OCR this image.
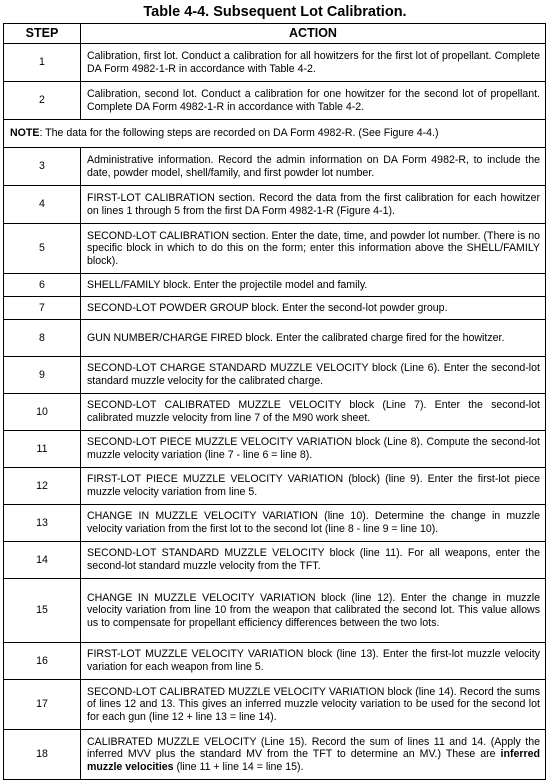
Table 4-4. Subsequent Lot Calibration.
STEP	ACTION
1	Calibration, first lot. Conduct a calibration for all howitzers for the first lot of propellant. Complete DA Form 4982-1-R in accordance with Table 4-2.
2	Calibration, second lot. Conduct a calibration for one howitzer for the second lot of propellant. Complete DA Form 4982-1-R in accordance with Table 4-2.
NOTE: The data for the following steps are recorded on DA Form 4982-R. (See Figure 4-4.)	
3	Administrative information. Record the admin information on DA Form 4982-R, to include the date, powder model, shell/family, and first powder lot number.
4	FIRST-LOT CALIBRATION section. Record the data from the first calibration for each howitzer on lines 1 through 5 from the first DA Form 4982-1-R (Figure 4-1).
5	SECOND-LOT CALIBRATION section. Enter the date, time, and powder lot number. (There is no specific block in which to do this on the form; enter this information above the SHELL/FAMILY block).
6	SHELL/FAMILY block. Enter the projectile model and family.
7	SECOND-LOT POWDER GROUP block. Enter the second-lot powder group.
8	GUN NUMBER/CHARGE FIRED block. Enter the calibrated charge fired for the howitzer.
9	SECOND-LOT CHARGE STANDARD MUZZLE VELOCITY block (Line 6). Enter the second-lot standard muzzle velocity for the calibrated charge.
10	SECOND-LOT CALIBRATED MUZZLE VELOCITY block (Line 7). Enter the second-lot calibrated muzzle velocity from line 7 of the M90 work sheet.
11	SECOND-LOT PIECE MUZZLE VELOCITY VARIATION block (Line 8). Compute the second-lot muzzle velocity variation (line 7 - line 6 = line 8).
12	FIRST-LOT PIECE MUZZLE VELOCITY VARIATION (block) (line 9). Enter the first-lot piece muzzle velocity variation from line 5.
13	CHANGE IN MUZZLE VELOCITY VARIATION (line 10). Determine the change in muzzle velocity variation from the first lot to the second lot (line 8 - line 9 = line 10).
14	SECOND-LOT STANDARD MUZZLE VELOCITY block (line 11). For all weapons, enter the second-lot standard muzzle velocity from the TFT.
15	CHANGE IN MUZZLE VELOCITY VARIATION block (line 12). Enter the change in muzzle velocity variation from line 10 from the weapon that calibrated the second lot. This value allows us to compensate for propellant efficiency differences between the two lots.
16	FIRST-LOT MUZZLE VELOCITY VARIATION block (line 13). Enter the first-lot muzzle velocity variation for each weapon from line 5.
17	SECOND-LOT CALIBRATED MUZZLE VELOCITY VARIATION block (line 14). Record the sums of lines 12 and 13. This gives an inferred muzzle velocity variation to be used for the second lot for each gun (line 12 + line 13 = line 14).
18	CALIBRATED MUZZLE VELOCITY (Line 15). Record the sum of lines 11 and 14. (Apply the inferred MVV plus the standard MV from the TFT to determine an MV.) These are inferred muzzle velocities (line 11 + line 14 = line 15).
